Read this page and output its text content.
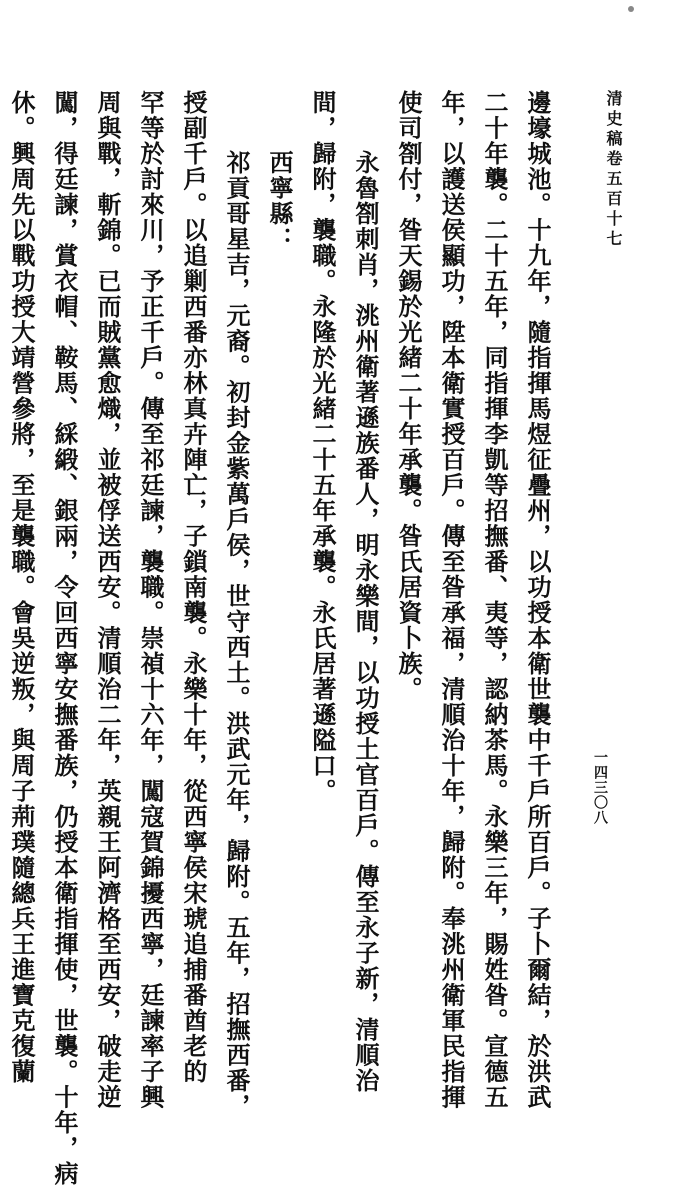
清史稿卷五百十七
一四三〇八
邊壕城池。十九年，隨指揮馬煜征疊州，以功授本衛世襲中千戶所百戶。子卜爾結，於洪武
二十年襲。二十五年，同指揮李凱等招撫番、夷等，認納茶馬。永樂三年，賜姓昝。宣德五
年，以護送侯顯功，陞本衛實授百戶。傳至昝承福，清順治十年，歸附。奉洮州衛軍民指揮
使司劄付，昝天錫於光緒二十年承襲。昝氏居資卜族。
永魯劄刺肖，洮州衛著遜族番人，明永樂間，以功授土官百戶。傳至永子新，清順治
間，歸附，襲職。永隆於光緒二十五年承襲。永氏居著遜隘口。
西寧縣：
祁貢哥星吉，元裔。初封金紫萬戶侯，世守西土。洪武元年，歸附。五年，招撫西番，
授副千戶。以追剿西番亦林真卉陣亡，子鎖南襲。永樂十年，從西寧侯宋琥追捕番酋老的
罕等於討來川，予正千戶。傳至祁廷諫，襲職。崇禎十六年，闖寇賀錦擾西寧，廷諫率子興
周與戰，斬錦。已而賊黨愈熾，並被俘送西安。清順治二年，英親王阿濟格至西安，破走逆
闖，得廷諫，賞衣帽、鞍馬、綵緞、銀兩，令回西寧安撫番族，仍授本衛指揮使，世襲。十年，病
休。興周先以戰功授大靖營參將，至是襲職。會吳逆叛，與周子荊璞隨總兵王進寶克復蘭
